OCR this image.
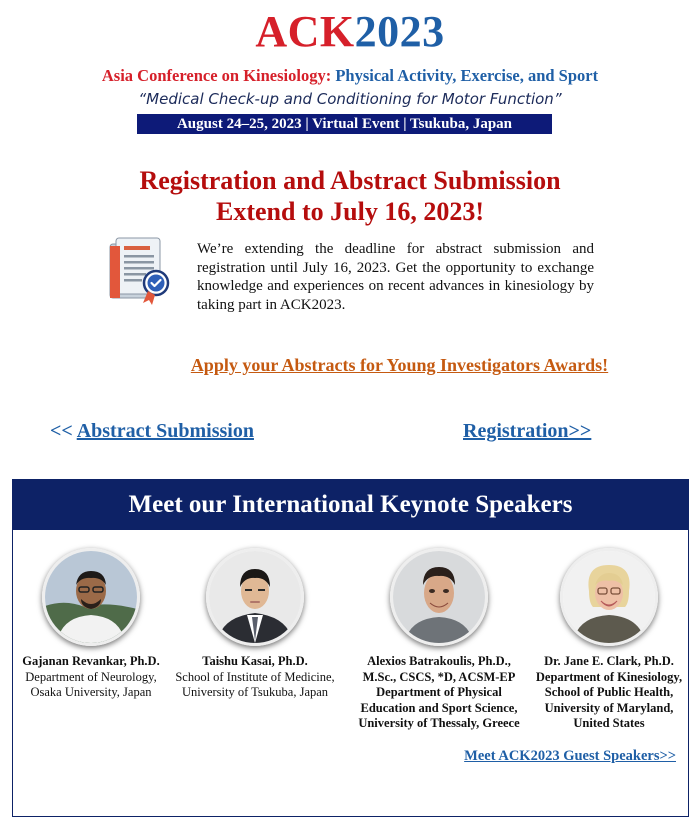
ACK2023
Asia Conference on Kinesiology: Physical Activity, Exercise, and Sport
“Medical Check-up and Conditioning for Motor Function”
August 24–25, 2023 | Virtual Event | Tsukuba, Japan
Registration and Abstract Submission
Extend to July 16, 2023!
We’re extending the deadline for abstract submission and registration until July 16, 2023. Get the opportunity to exchange knowledge and experiences on recent advances in kinesiology by taking part in ACK2023.
Apply your Abstracts for Young Investigators Awards!
<< Abstract Submission	Registration>>
Meet our International Keynote Speakers
Gajanan Revankar, Ph.D.
Department of Neurology,
Osaka University, Japan
Taishu Kasai, Ph.D.
School of Institute of Medicine,
University of Tsukuba, Japan
Alexios Batrakoulis, Ph.D.,
M.Sc., CSCS, *D, ACSM-EP
Department of Physical
Education and Sport Science,
University of Thessaly, Greece
Dr. Jane E. Clark, Ph.D.
Department of Kinesiology,
School of Public Health,
University of Maryland,
United States
Meet ACK2023 Guest Speakers>>
